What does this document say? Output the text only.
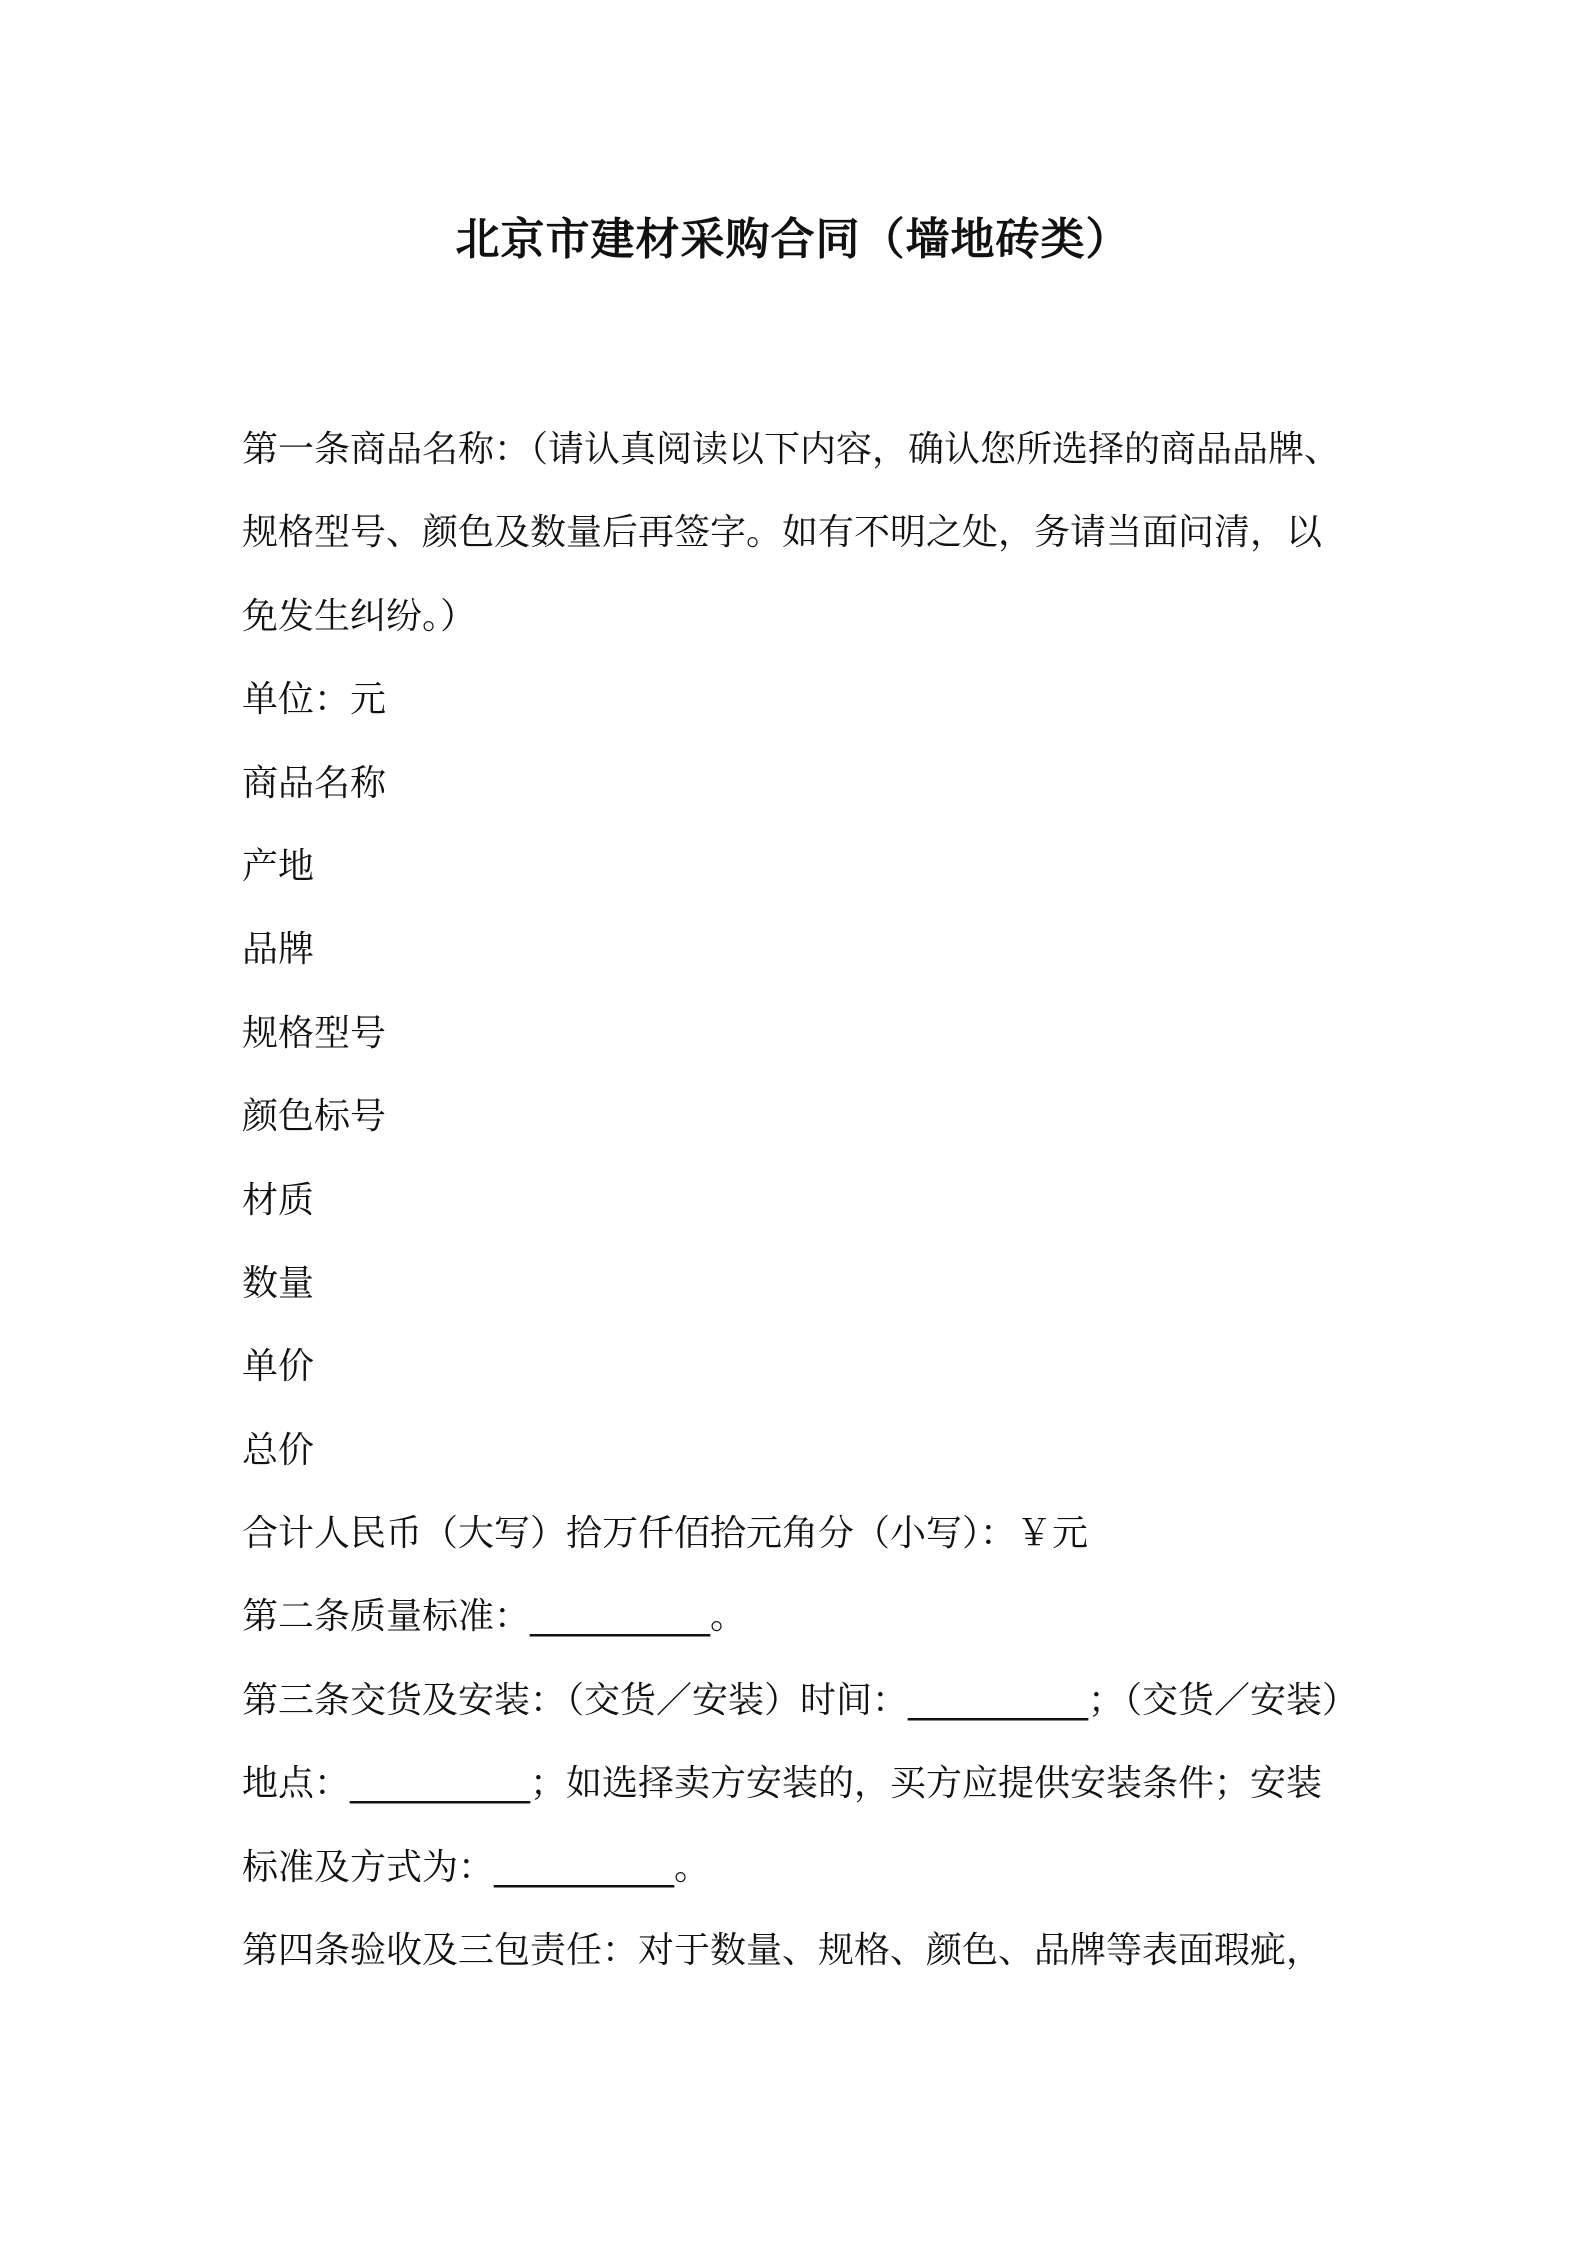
北京市建材采购合同（墙地砖类）

第一条商品名称：（请认真阅读以下内容，确认您所选择的商品品牌、

规格型号、颜色及数量后再签字。如有不明之处，务请当面问清，以

免发生纠纷。）

单位：元

商品名称

产地

品牌

规格型号

颜色标号

材质

数量

单价

总价

合计人民币（大写）拾万仟佰拾元角分（小写）：￥元

第二条质量标准：__________。

第三条交货及安装：（交货／安装）时间：__________；（交货／安装）

地点：__________；如选择卖方安装的，买方应提供安装条件；安装

标准及方式为：__________。

第四条验收及三包责任：对于数量、规格、颜色、品牌等表面瑕疵，
